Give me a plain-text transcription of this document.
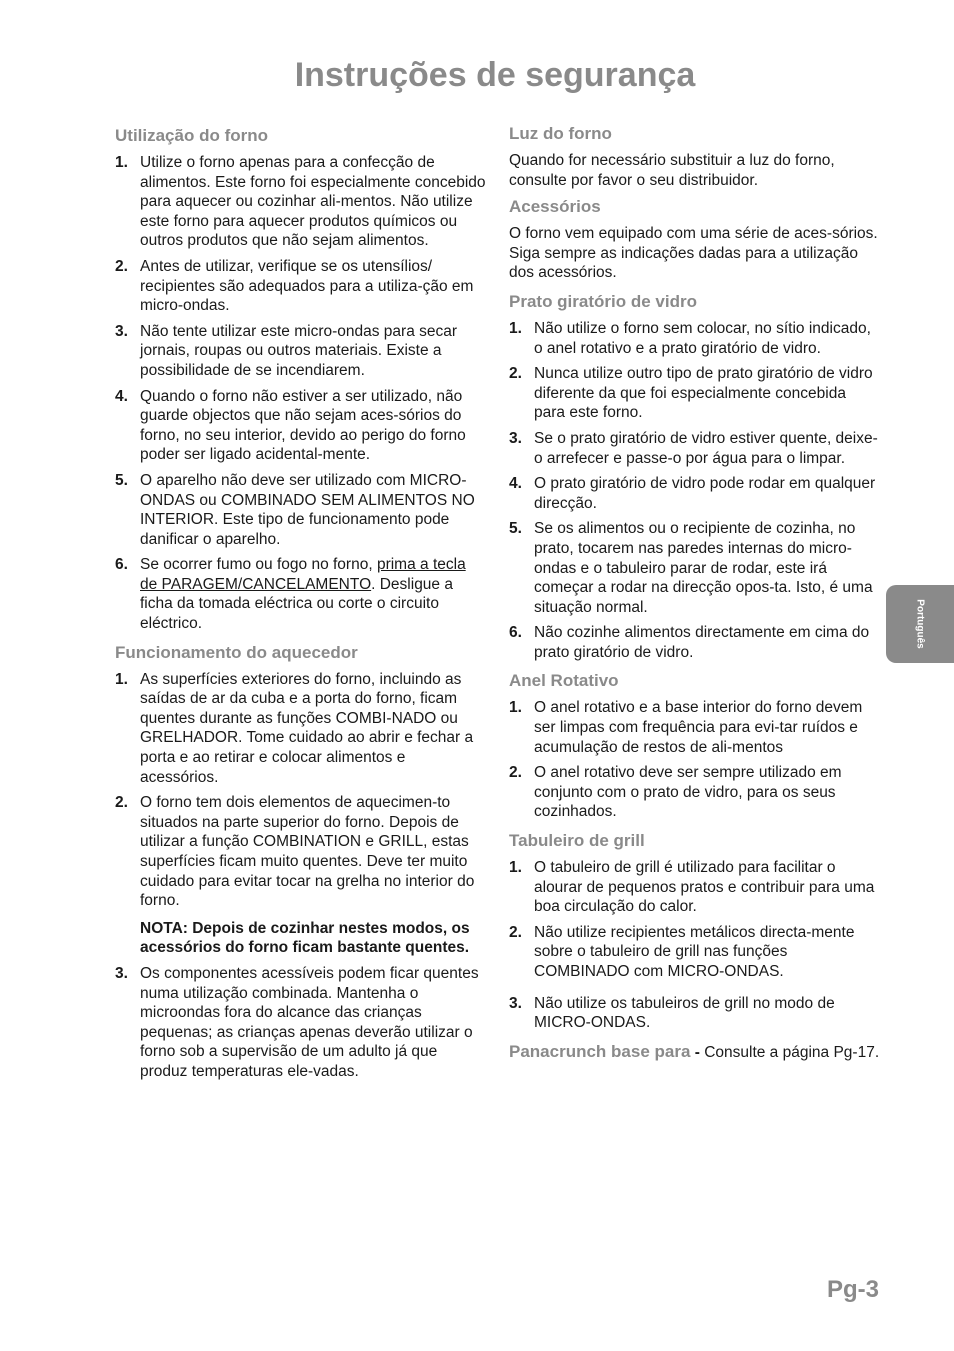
Instruções de segurança
Utilização do forno
1. Utilize o forno apenas para a confecção de alimentos. Este forno foi especialmente concebido para aquecer ou cozinhar ali-mentos. Não utilize este forno para aquecer produtos químicos ou outros produtos que não sejam alimentos.
2. Antes de utilizar, verifique se os utensílios/ recipientes são adequados para a utiliza-ção em micro-ondas.
3. Não tente utilizar este micro-ondas para secar jornais, roupas ou outros materiais. Existe a possibilidade de se incendiarem.
4. Quando o forno não estiver a ser utilizado, não guarde objectos que não sejam aces-sórios do forno, no seu interior, devido ao perigo do forno poder ser ligado acidental-mente.
5. O aparelho não deve ser utilizado com MICRO-ONDAS ou COMBINADO SEM ALIMENTOS NO INTERIOR. Este tipo de funcionamento pode danificar o aparelho.
6. Se ocorrer fumo ou fogo no forno, prima a tecla de PARAGEM/CANCELAMENTO. Desligue a ficha da tomada eléctrica ou corte o circuito eléctrico.
Funcionamento do aquecedor
1. As superfícies exteriores do forno, incluindo as saídas de ar da cuba e a porta do forno, ficam quentes durante as funções COMBI-NADO ou GRELHADOR. Tome cuidado ao abrir e fechar a porta e ao retirar e colocar alimentos e acessórios.
2. O forno tem dois elementos de aquecimen-to situados na parte superior do forno. Depois de utilizar a função COMBINATION e GRILL, estas superfícies ficam muito quentes. Deve ter muito cuidado para evitar tocar na grelha no interior do forno.
NOTA: Depois de cozinhar nestes modos, os acessórios do forno ficam bastante quentes.
3. Os componentes acessíveis podem ficar quentes numa utilização combinada. Mantenha o microondas fora do alcance das crianças pequenas; as crianças apenas deverão utilizar o forno sob a supervisão de um adulto já que produz temperaturas ele-vadas.
Luz do forno

Quando for necessário substituir a luz do forno, consulte por favor o seu distribuidor.

Acessórios

O forno vem equipado com uma série de aces-sórios. Siga sempre as indicações dadas para a utilização dos acessórios.

Prato giratório de vidro
1. Não utilize o forno sem colocar, no sítio indicado, o anel rotativo e a prato giratório de vidro.
2. Nunca utilize outro tipo de prato giratório de vidro diferente da que foi especialmente concebida para este forno.
3. Se o prato giratório de vidro estiver quente, deixe-o arrefecer e passe-o por água para o limpar.
4. O prato giratório de vidro pode rodar em qualquer direcção.
5. Se os alimentos ou o recipiente de cozinha, no prato, tocarem nas paredes internas do micro-ondas e o tabuleiro parar de rodar, este irá começar a rodar na direcção opos-ta. Isto, é uma situação normal.
6. Não cozinhe alimentos directamente em cima do prato giratório de vidro.
Anel Rotativo
1. O anel rotativo e a base interior do forno devem ser limpas com frequência para evi-tar ruídos e acumulação de restos de ali-mentos
2. O anel rotativo deve ser sempre utilizado em conjunto com o prato de vidro, para os seus cozinhados.
Tabuleiro de grill
1. O tabuleiro de grill é utilizado para facilitar o alourar de pequenos pratos e contribuir para uma boa circulação do calor.
2. Não utilize recipientes metálicos directa-mente sobre o tabuleiro de grill nas funções COMBINADO com MICRO-ONDAS.
3. Não utilize os tabuleiros de grill no modo de MICRO-ONDAS.

Panacrunch base para - Consulte a página Pg-17.

Português
Pg-3
